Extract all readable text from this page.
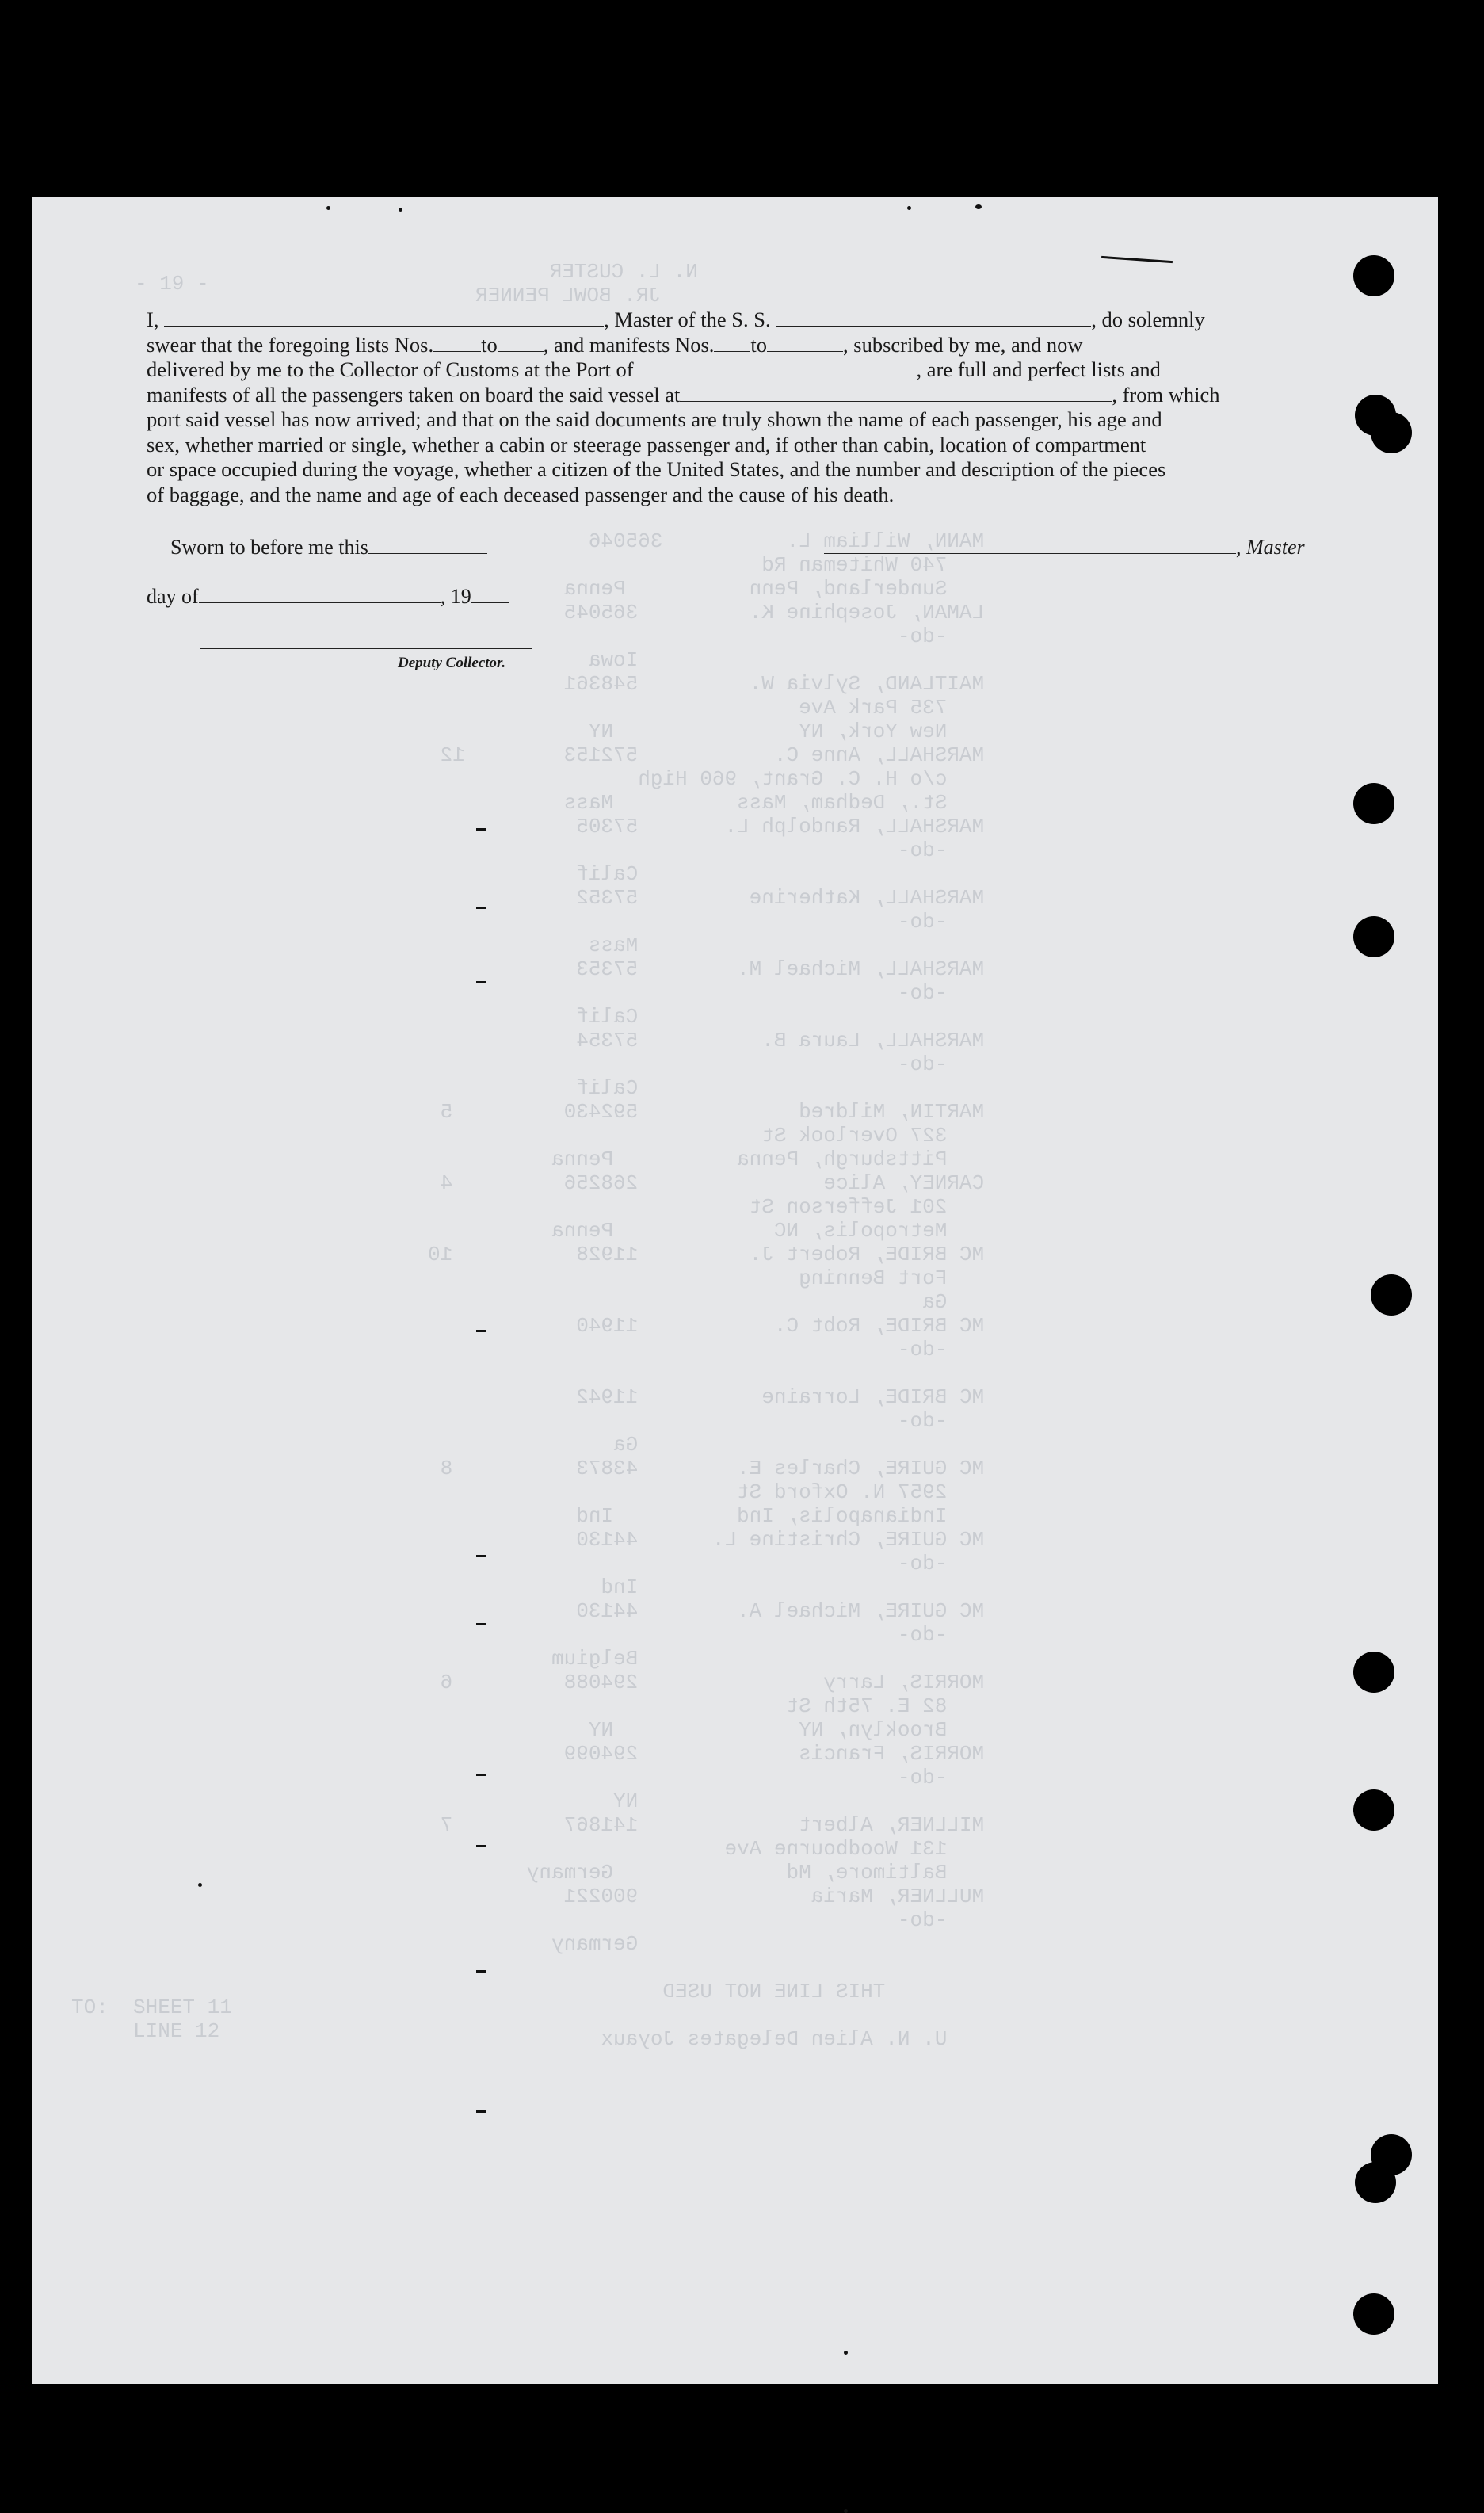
N. L. CUSTER
JR. BOWL PENNER
MANN, William L.          365046
740 Whiteman Rd
Sunderland, Penn          Penna
LAMAN, Josephine K.         365045
-do-
Iowa
MAITLAND, Sylvia W.         548361
735 Park Ave
New York, NY               NY
MARSHALL, Anne C.           572153        12
c/o H. C. Grant, 960 High
St., Dedham, Mass          Mass
MARSHALL, Randolph L.       57305
-do-
Calif
MARSHALL, Katherine         57352
-do-
Mass
MARSHALL, Michael M.        57353
-do-
Calif
MARSHALL, Laura B.          57354
-do-
Calif
MARTIN, Mildred             592430         5
327 Overlook St
Pittsburgh, Penna          Penna
CARNEY, Alice               268256         4
201 Jefferson St
Metropolis, NC             Penna
MC BRIDE, Robert J.         11928          10
Fort Benning
Ga
MC BRIDE, Robt C.           11940
-do-

MC BRIDE, Lorraine          11942
-do-
Ga
MC GUIRE, Charles E.        43873          8
2957 N. Oxford St
Indianapolis, Ind          Ind
MC GUIRE, Christine L.      44130
-do-
Ind
MC GUIRE, Michael A.        44130
-do-
Belgium
MORRIS, Larry               294088         6
82 E. 75th St
Brooklyn, NY               NY
MORRIS, Francis             294099
-do-
NY
MILLNER, Albert             141867         7
131 Woodbourne Ave
Baltimore, Md              Germany
MULLNER, Maria              900221
-do-
Germany

THIS LINE NOT USED

U. N. Alien Delegates Joyaux
TO:  SHEET 11
LINE 12
- 19 -

I,	, Master of the S. S.	, do solemnly

swear that the foregoing lists Nos. to , and manifests Nos. to	, subscribed by me, and now

delivered by me to the Collector of Customs at the Port of	, are full and perfect lists and

manifests of all the passengers taken on board the said vessel at	, from which

port said vessel has now arrived; and that on the said documents are truly shown the name of each passenger, his age and

sex, whether married or single, whether a cabin or steerage passenger and, if other than cabin, location of compartment

or space occupied during the voyage, whether a citizen of the United States, and the number and description of the pieces

of baggage, and the name and age of each deceased passenger and the cause of his death.

Sworn to before me this
day of	, 19
Deputy Collector.
, Master
